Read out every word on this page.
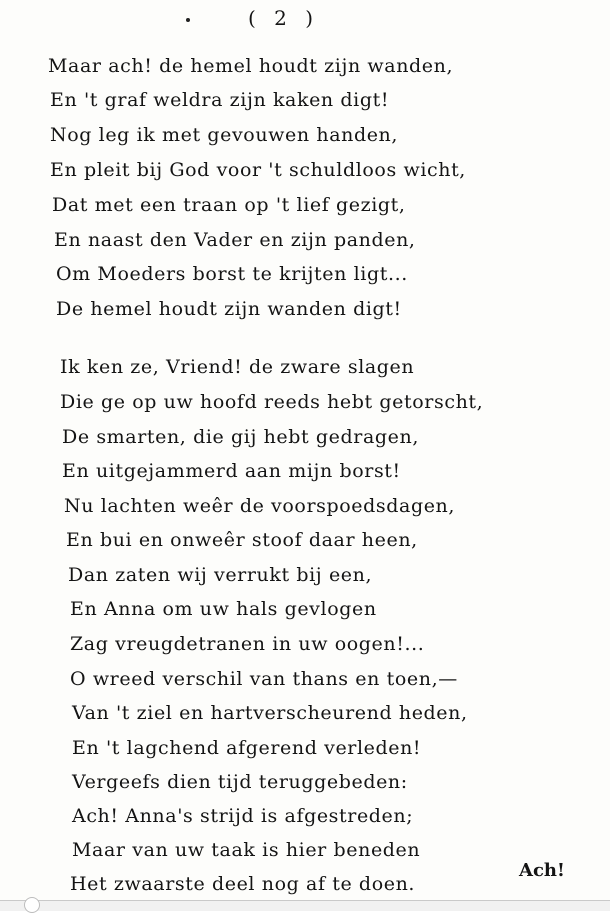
( 2 )
Maar ach! de hemel houdt zijn wanden,
En 't graf weldra zijn kaken digt!
Nog leg ik met gevouwen handen,
En pleit bij God voor 't schuldloos wicht,
Dat met een traan op 't lief gezigt,
En naast den Vader en zijn panden,
Om Moeders borst te krijten ligt...
De hemel houdt zijn wanden digt!
Ik ken ze, Vriend! de zware slagen
Die ge op uw hoofd reeds hebt getorscht,
De smarten, die gij hebt gedragen,
En uitgejammerd aan mijn borst!
Nu lachten weêr de voorspoedsdagen,
En bui en onweêr stoof daar heen,
Dan zaten wij verrukt bij een,
En Anna om uw hals gevlogen
Zag vreugdetranen in uw oogen!...
O wreed verschil van thans en toen,—
Van 't ziel en hartverscheurend heden,
En 't lagchend afgerend verleden!
Vergeefs dien tijd teruggebeden:
Ach! Anna's strijd is afgestreden;
Maar van uw taak is hier beneden
Het zwaarste deel nog af te doen.
Ach!
